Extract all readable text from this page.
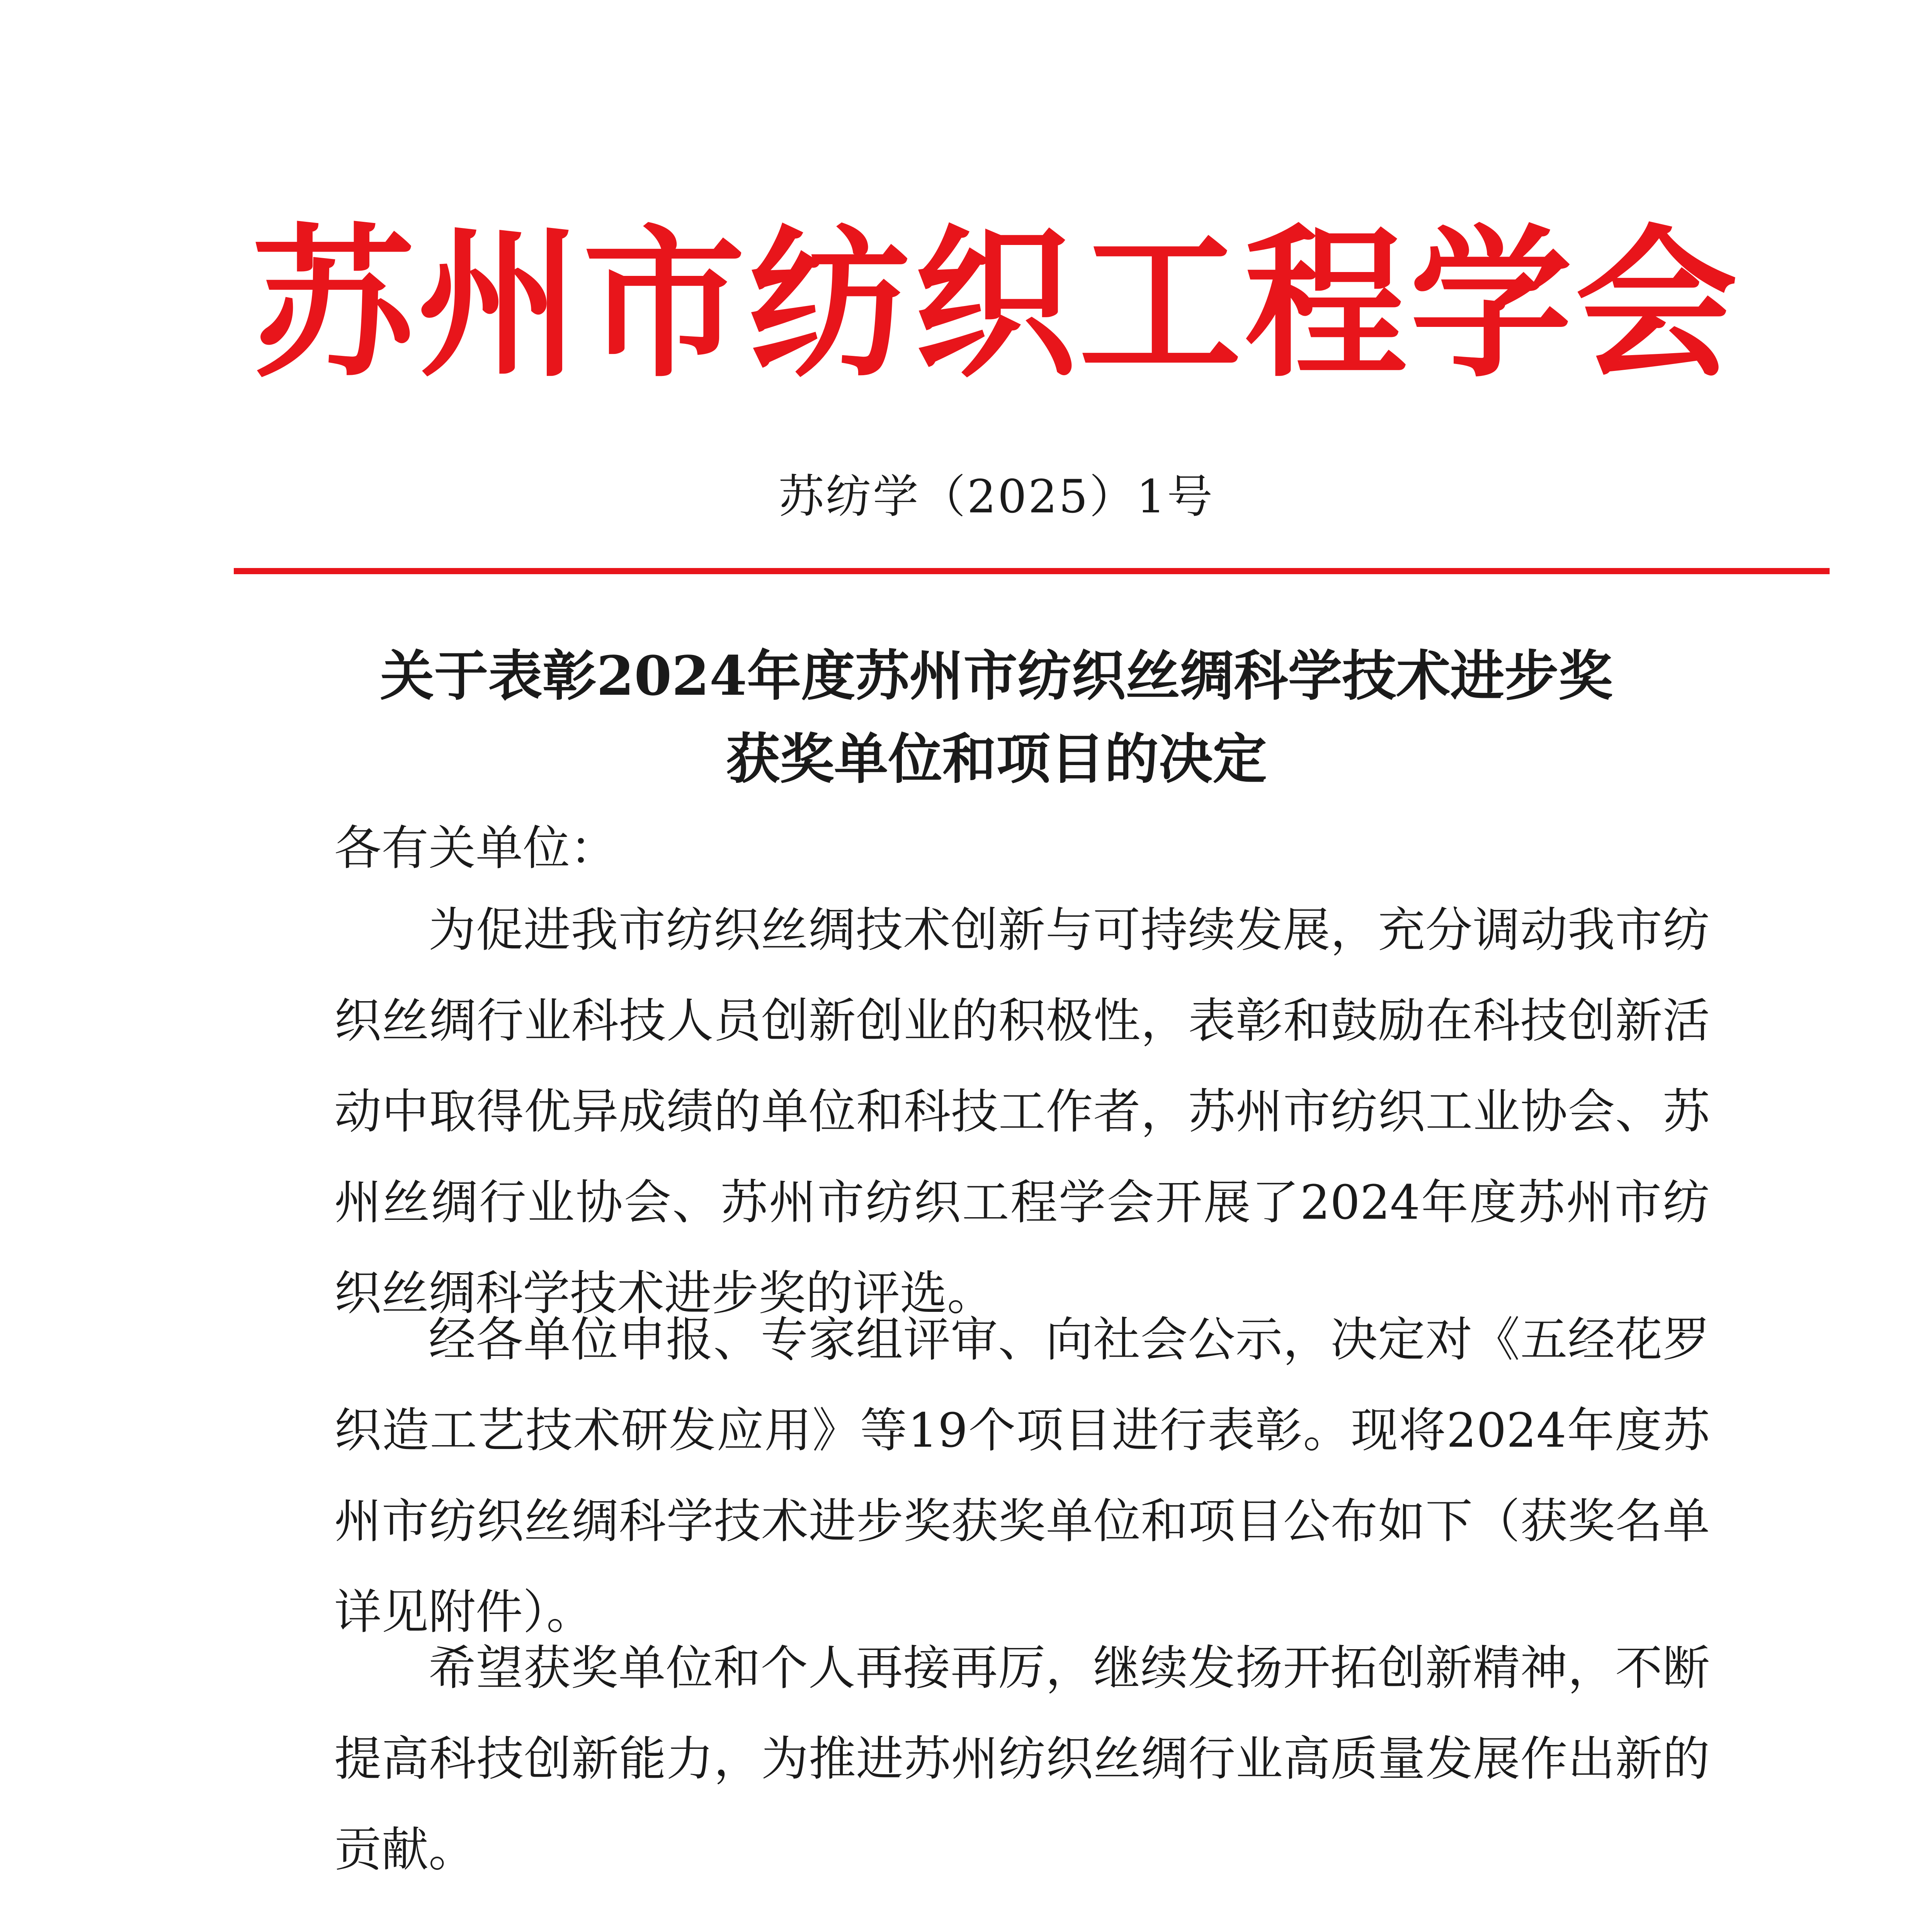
苏州市纺织工程学会
苏纺学（2025）1号
关于表彰2024年度苏州市纺织丝绸科学技术进步奖
获奖单位和项目的决定
各有关单位：
为促进我市纺织丝绸技术创新与可持续发展，充分调动我市纺织丝绸行业科技人员创新创业的积极性，表彰和鼓励在科技创新活动中取得优异成绩的单位和科技工作者，苏州市纺织工业协会、苏州丝绸行业协会、苏州市纺织工程学会开展了2024年度苏州市纺织丝绸科学技术进步奖的评选。
经各单位申报、专家组评审、向社会公示，决定对《五经花罗织造工艺技术研发应用》等19个项目进行表彰。现将2024年度苏州市纺织丝绸科学技术进步奖获奖单位和项目公布如下（获奖名单详见附件）。
希望获奖单位和个人再接再厉，继续发扬开拓创新精神，不断提高科技创新能力，为推进苏州纺织丝绸行业高质量发展作出新的贡献。
